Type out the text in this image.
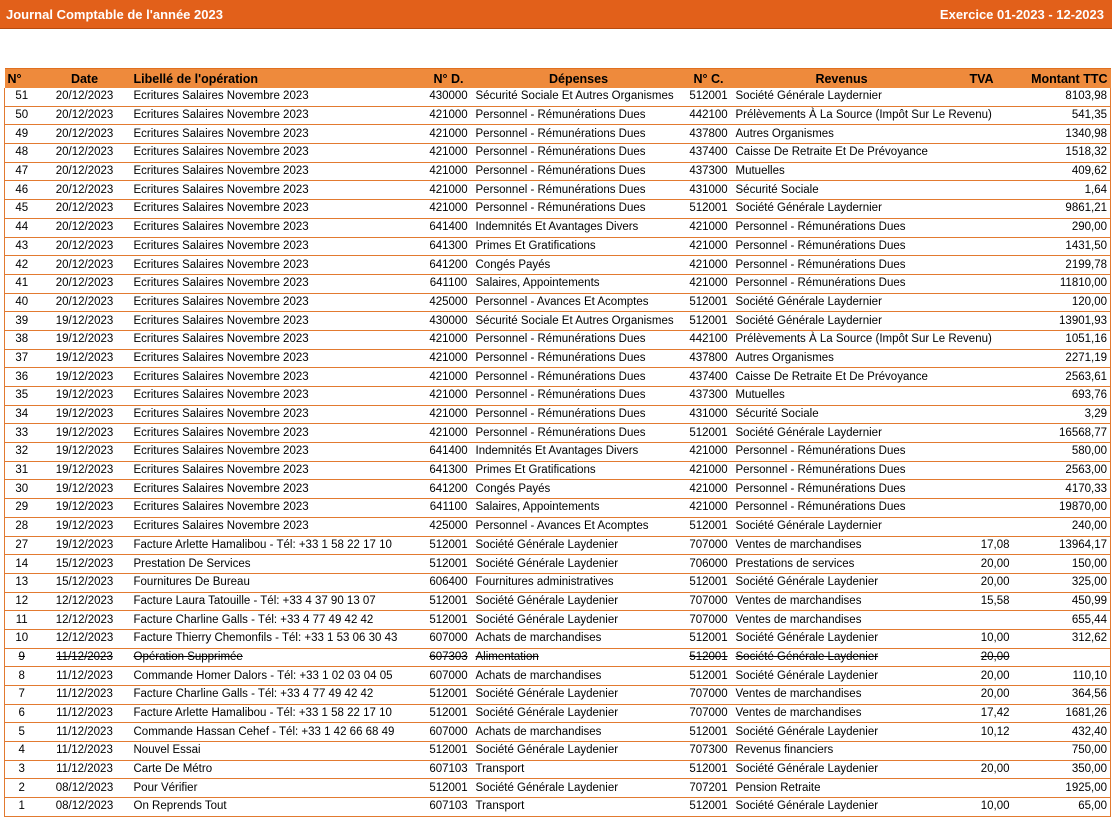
Journal Comptable de l'année 2023	Exercice 01-2023 - 12-2023
N°	Date	Libellé de l'opération	N° D.	Dépenses	N° C.	Revenus	TVA	Montant TTC
51	20/12/2023	Ecritures Salaires Novembre 2023	430000	Sécurité Sociale Et Autres Organismes	512001	Société Générale Laydernier		8103,98
50	20/12/2023	Ecritures Salaires Novembre 2023	421000	Personnel - Rémunérations Dues	442100	Prélèvements À La Source (Impôt Sur Le Revenu)		541,35
49	20/12/2023	Ecritures Salaires Novembre 2023	421000	Personnel - Rémunérations Dues	437800	Autres Organismes		1340,98
48	20/12/2023	Ecritures Salaires Novembre 2023	421000	Personnel - Rémunérations Dues	437400	Caisse De Retraite Et De Prévoyance		1518,32
47	20/12/2023	Ecritures Salaires Novembre 2023	421000	Personnel - Rémunérations Dues	437300	Mutuelles		409,62
46	20/12/2023	Ecritures Salaires Novembre 2023	421000	Personnel - Rémunérations Dues	431000	Sécurité Sociale		1,64
45	20/12/2023	Ecritures Salaires Novembre 2023	421000	Personnel - Rémunérations Dues	512001	Société Générale Laydernier		9861,21
44	20/12/2023	Ecritures Salaires Novembre 2023	641400	Indemnités Et Avantages Divers	421000	Personnel - Rémunérations Dues		290,00
43	20/12/2023	Ecritures Salaires Novembre 2023	641300	Primes Et Gratifications	421000	Personnel - Rémunérations Dues		1431,50
42	20/12/2023	Ecritures Salaires Novembre 2023	641200	Congés Payés	421000	Personnel - Rémunérations Dues		2199,78
41	20/12/2023	Ecritures Salaires Novembre 2023	641100	Salaires, Appointements	421000	Personnel - Rémunérations Dues		11810,00
40	20/12/2023	Ecritures Salaires Novembre 2023	425000	Personnel - Avances Et Acomptes	512001	Société Générale Laydernier		120,00
39	19/12/2023	Ecritures Salaires Novembre 2023	430000	Sécurité Sociale Et Autres Organismes	512001	Société Générale Laydernier		13901,93
38	19/12/2023	Ecritures Salaires Novembre 2023	421000	Personnel - Rémunérations Dues	442100	Prélèvements À La Source (Impôt Sur Le Revenu)		1051,16
37	19/12/2023	Ecritures Salaires Novembre 2023	421000	Personnel - Rémunérations Dues	437800	Autres Organismes		2271,19
36	19/12/2023	Ecritures Salaires Novembre 2023	421000	Personnel - Rémunérations Dues	437400	Caisse De Retraite Et De Prévoyance		2563,61
35	19/12/2023	Ecritures Salaires Novembre 2023	421000	Personnel - Rémunérations Dues	437300	Mutuelles		693,76
34	19/12/2023	Ecritures Salaires Novembre 2023	421000	Personnel - Rémunérations Dues	431000	Sécurité Sociale		3,29
33	19/12/2023	Ecritures Salaires Novembre 2023	421000	Personnel - Rémunérations Dues	512001	Société Générale Laydernier		16568,77
32	19/12/2023	Ecritures Salaires Novembre 2023	641400	Indemnités Et Avantages Divers	421000	Personnel - Rémunérations Dues		580,00
31	19/12/2023	Ecritures Salaires Novembre 2023	641300	Primes Et Gratifications	421000	Personnel - Rémunérations Dues		2563,00
30	19/12/2023	Ecritures Salaires Novembre 2023	641200	Congés Payés	421000	Personnel - Rémunérations Dues		4170,33
29	19/12/2023	Ecritures Salaires Novembre 2023	641100	Salaires, Appointements	421000	Personnel - Rémunérations Dues		19870,00
28	19/12/2023	Ecritures Salaires Novembre 2023	425000	Personnel - Avances Et Acomptes	512001	Société Générale Laydernier		240,00
27	19/12/2023	Facture Arlette Hamalibou - Tél: +33 1 58 22 17 10	512001	Société Générale Laydenier	707000	Ventes de marchandises	17,08	13964,17
14	15/12/2023	Prestation De Services	512001	Société Générale Laydenier	706000	Prestations de services	20,00	150,00
13	15/12/2023	Fournitures De Bureau	606400	Fournitures administratives	512001	Société Générale Laydenier	20,00	325,00
12	12/12/2023	Facture Laura Tatouille - Tél: +33 4 37 90 13 07	512001	Société Générale Laydenier	707000	Ventes de marchandises	15,58	450,99
11	12/12/2023	Facture Charline Galls - Tél: +33 4 77 49 42 42	512001	Société Générale Laydenier	707000	Ventes de marchandises		655,44
10	12/12/2023	Facture Thierry Chemonfils - Tél: +33 1 53 06 30 43	607000	Achats de marchandises	512001	Société Générale Laydenier	10,00	312,62
9	11/12/2023	Opération Supprimée	607303	Alimentation	512001	Société Générale Laydenier	20,00	
8	11/12/2023	Commande Homer Dalors - Tél: +33 1 02 03 04 05	607000	Achats de marchandises	512001	Société Générale Laydenier	20,00	110,10
7	11/12/2023	Facture Charline Galls - Tél: +33 4 77 49 42 42	512001	Société Générale Laydenier	707000	Ventes de marchandises	20,00	364,56
6	11/12/2023	Facture Arlette Hamalibou - Tél: +33 1 58 22 17 10	512001	Société Générale Laydenier	707000	Ventes de marchandises	17,42	1681,26
5	11/12/2023	Commande Hassan Cehef - Tél: +33 1 42 66 68 49	607000	Achats de marchandises	512001	Société Générale Laydenier	10,12	432,40
4	11/12/2023	Nouvel Essai	512001	Société Générale Laydenier	707300	Revenus financiers		750,00
3	11/12/2023	Carte De Métro	607103	Transport	512001	Société Générale Laydenier	20,00	350,00
2	08/12/2023	Pour Vérifier	512001	Société Générale Laydenier	707201	Pension Retraite		1925,00
1	08/12/2023	On Reprends Tout	607103	Transport	512001	Société Générale Laydenier	10,00	65,00
